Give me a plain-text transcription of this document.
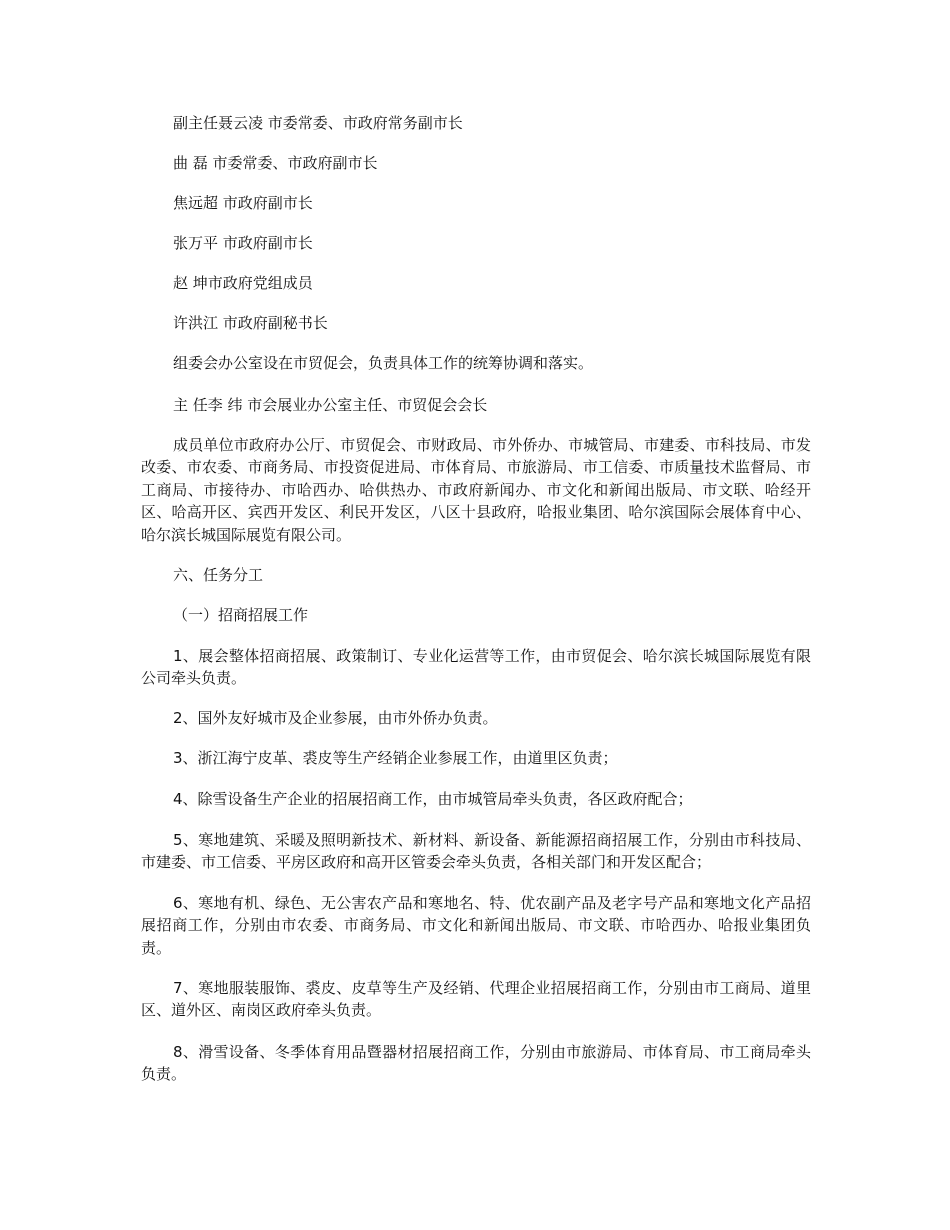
副主任聂云凌 市委常委、市政府常务副市长
曲 磊 市委常委、市政府副市长
焦远超 市政府副市长
张万平 市政府副市长
赵 坤市政府党组成员
许洪江 市政府副秘书长
组委会办公室设在市贸促会，负责具体工作的统筹协调和落实。
主 任李 纬 市会展业办公室主任、市贸促会会长
成员单位市政府办公厅、市贸促会、市财政局、市外侨办、市城管局、市建委、市科技局、市发改委、市农委、市商务局、市投资促进局、市体育局、市旅游局、市工信委、市质量技术监督局、市工商局、市接待办、市哈西办、哈供热办、市政府新闻办、市文化和新闻出版局、市文联、哈经开区、哈高开区、宾西开发区、利民开发区，八区十县政府，哈报业集团、哈尔滨国际会展体育中心、哈尔滨长城国际展览有限公司。
六、任务分工
（一）招商招展工作
1、展会整体招商招展、政策制订、专业化运营等工作，由市贸促会、哈尔滨长城国际展览有限公司牵头负责。
2、国外友好城市及企业参展，由市外侨办负责。
3、浙江海宁皮革、裘皮等生产经销企业参展工作，由道里区负责；
4、除雪设备生产企业的招展招商工作，由市城管局牵头负责，各区政府配合；
5、寒地建筑、采暖及照明新技术、新材料、新设备、新能源招商招展工作，分别由市科技局、市建委、市工信委、平房区政府和高开区管委会牵头负责，各相关部门和开发区配合；
6、寒地有机、绿色、无公害农产品和寒地名、特、优农副产品及老字号产品和寒地文化产品招展招商工作，分别由市农委、市商务局、市文化和新闻出版局、市文联、市哈西办、哈报业集团负责。
7、寒地服装服饰、裘皮、皮草等生产及经销、代理企业招展招商工作，分别由市工商局、道里区、道外区、南岗区政府牵头负责。
8、滑雪设备、冬季体育用品暨器材招展招商工作，分别由市旅游局、市体育局、市工商局牵头负责。
